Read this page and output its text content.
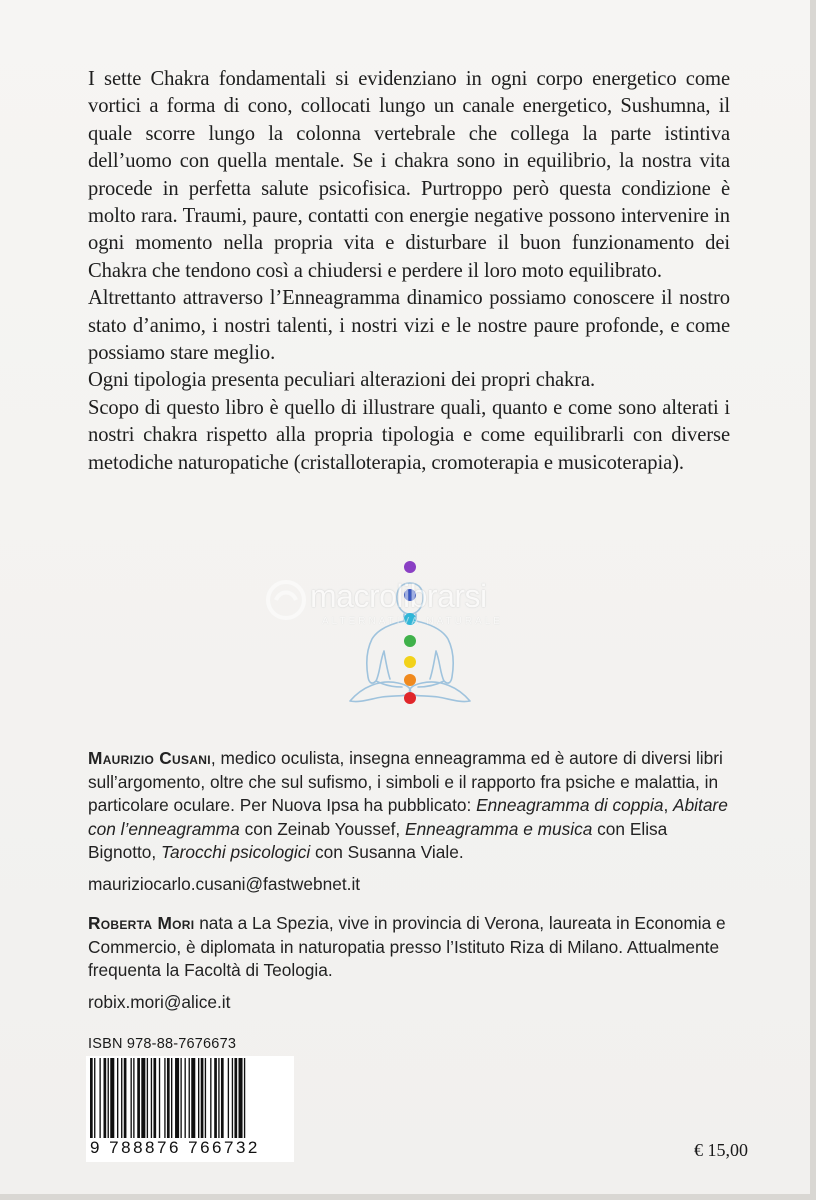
I sette Chakra fondamentali si evidenziano in ogni corpo energetico come vortici a forma di cono, collocati lungo un canale energetico, Sushumna, il quale scorre lungo la colonna vertebrale che collega la parte istintiva dell’uomo con quella mentale. Se i chakra sono in equilibrio, la nostra vita procede in perfetta salute psicofisica. Purtroppo però questa condizione è molto rara. Traumi, paure, contatti con energie negative possono intervenire in ogni momento nella propria vita e disturbare il buon funzionamento dei Chakra che tendono così a chiudersi e perdere il loro moto equilibrato.

Altrettanto attraverso l’Enneagramma dinamico possiamo conoscere il nostro stato d’animo, i nostri talenti, i nostri vizi e le nostre paure profonde, e come possiamo stare meglio.

Ogni tipologia presenta peculiari alterazioni dei propri chakra.

Scopo di questo libro è quello di illustrare quali, quanto e come sono alterati i nostri chakra rispetto alla propria tipologia e come equilibrarli con diverse metodiche naturopatiche (cristalloterapia, cromoterapia e musicoterapia).

macrolibrarsi
ALTERNATIVA NATURALE

Maurizio Cusani, medico oculista, insegna enneagramma ed è autore di diversi libri sull’argomento, oltre che sul sufismo, i simboli e il rapporto fra psiche e malattia, in particolare oculare. Per Nuova Ipsa ha pubblicato: Enneagramma di coppia, Abitare con l’enneagramma con Zeinab Youssef, Enneagramma e musica con Elisa Bignotto, Tarocchi psicologici con Susanna Viale.

mauriziocarlo.cusani@fastwebnet.it

Roberta Mori nata a La Spezia, vive in provincia di Verona, laureata in Economia e Commercio, è diplomata in naturopatia presso l’Istituto Riza di Milano. Attualmente frequenta la Facoltà di Teologia.

robix.mori@alice.it

ISBN 978-88-7676673
9 788876 766732	€ 15,00
